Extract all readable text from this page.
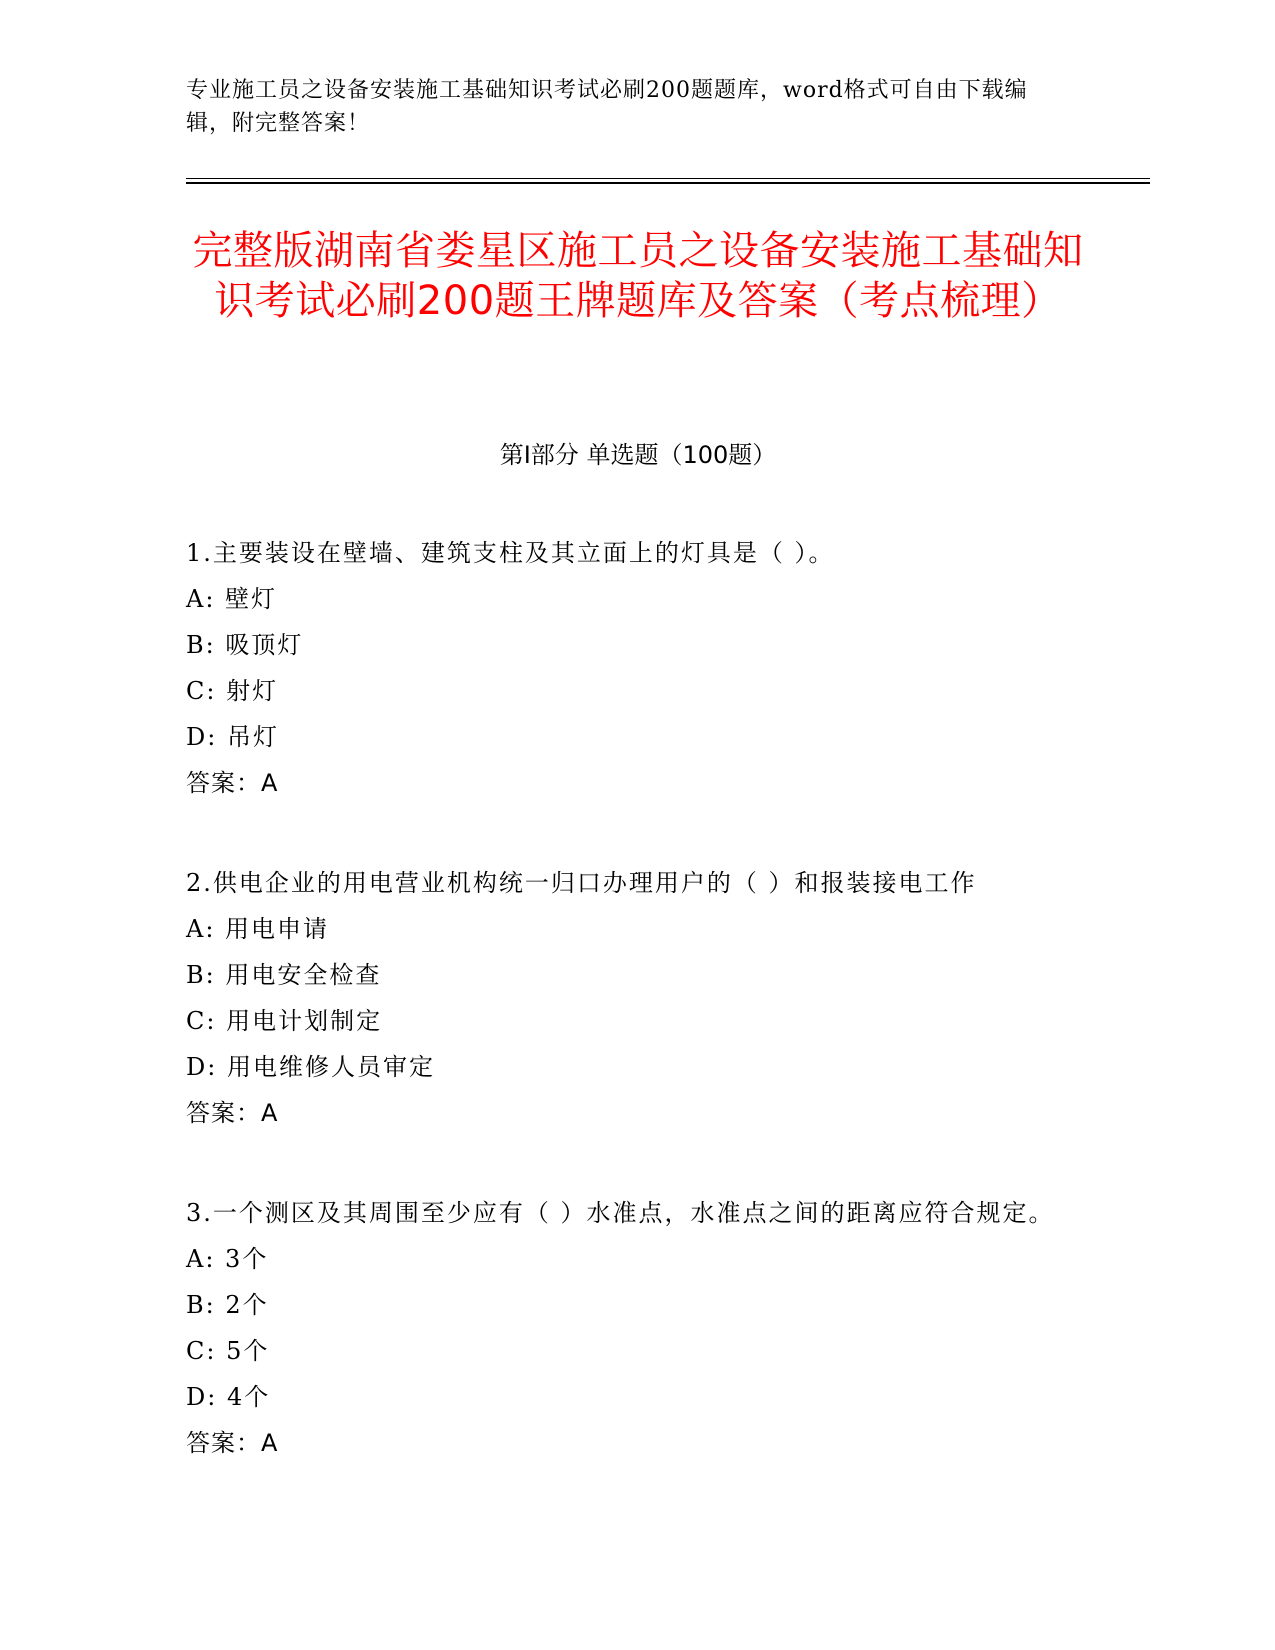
专业施工员之设备安装施工基础知识考试必刷200题题库，word格式可自由下载编辑，附完整答案！
完整版湖南省娄星区施工员之设备安装施工基础知识考试必刷200题王牌题库及答案（考点梳理）
第Ⅰ部分 单选题（100题）
1.主要装设在壁墙、建筑支柱及其立面上的灯具是（ ）。
A: 壁灯
B: 吸顶灯
C: 射灯
D: 吊灯
答案：A
2.供电企业的用电营业机构统一归口办理用户的（ ）和报装接电工作
A: 用电申请
B: 用电安全检查
C: 用电计划制定
D: 用电维修人员审定
答案：A
3.一个测区及其周围至少应有（ ）水准点，水准点之间的距离应符合规定。
A: 3个
B: 2个
C: 5个
D: 4个
答案：A
